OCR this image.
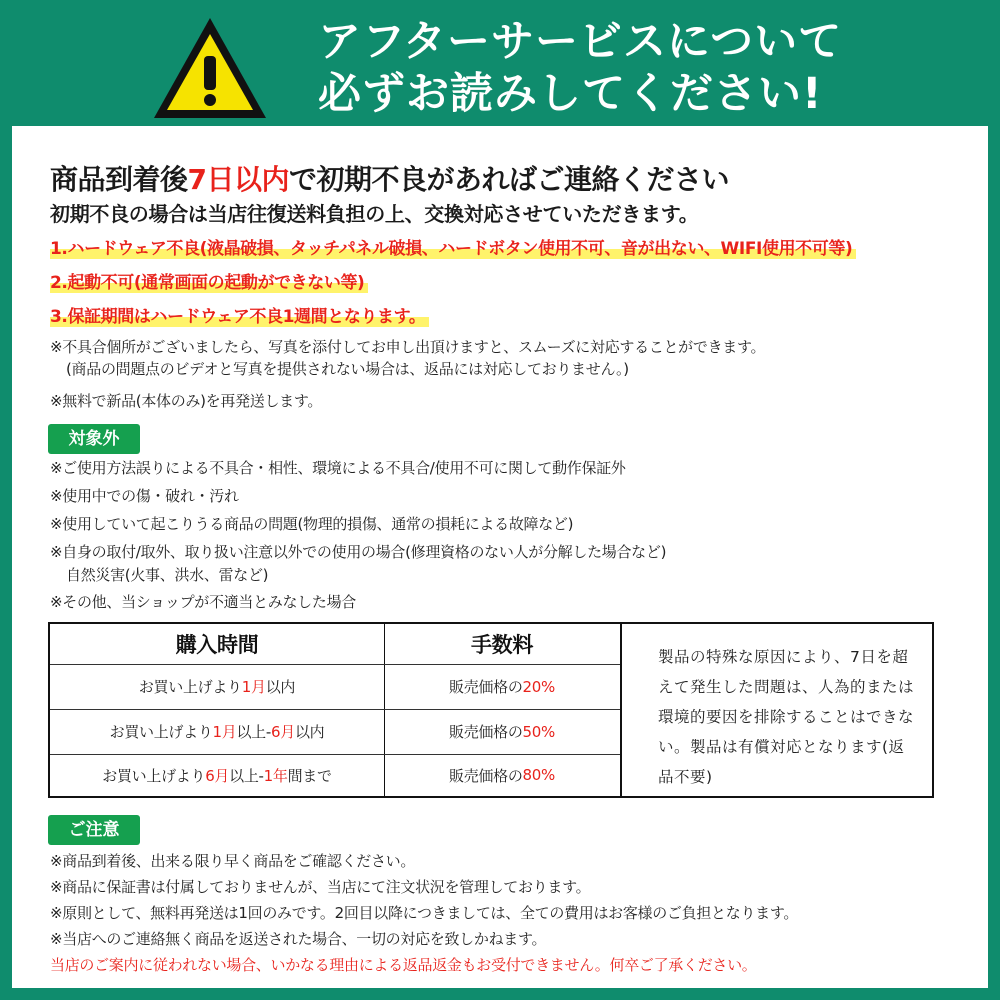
アフターサービスについて
必ずお読みしてください!
商品到着後7日以内で初期不良があればご連絡ください
初期不良の場合は当店往復送料負担の上、交換対応させていただきます。
1.ハードウェア不良(液晶破損、タッチパネル破損、ハードボタン使用不可、音が出ない、WIFI使用不可等)
2.起動不可(通常画面の起動ができない等)
3.保証期間はハードウェア不良1週間となります。
※不具合個所がございましたら、写真を添付してお申し出頂けますと、スムーズに対応することができます。
(商品の問題点のビデオと写真を提供されない場合は、返品には対応しておりません。)
※無料で新品(本体のみ)を再発送します。
対象外
※ご使用方法誤りによる不具合・相性、環境による不具合/使用不可に関して動作保証外
※使用中での傷・破れ・汚れ
※使用していて起こりうる商品の問題(物理的損傷、通常の損耗による故障など)
※自身の取付/取外、取り扱い注意以外での使用の場合(修理資格のない人が分解した場合など)
自然災害(火事、洪水、雷など)
※その他、当ショップが不適当とみなした場合
購入時間	手数料
お買い上げより 1月 以内	販売価格の 20%
お買い上げより 1月 以上- 6月 以内	販売価格の 50%
お買い上げより 6月 以上- 1年 間まで	販売価格の 80%
製品の特殊な原因により、7日を超えて発生した問題は、人為的または環境的要因を排除することはできない。製品は有償対応となります(返品不要)
ご注意
※商品到着後、出来る限り早く商品をご確認ください。
※商品に保証書は付属しておりませんが、当店にて注文状況を管理しております。
※原則として、無料再発送は1回のみです。2回目以降につきましては、全ての費用はお客様のご負担となります。
※当店へのご連絡無く商品を返送された場合、一切の対応を致しかねます。
当店のご案内に従われない場合、いかなる理由による返品返金もお受付できません。何卒ご了承ください。
